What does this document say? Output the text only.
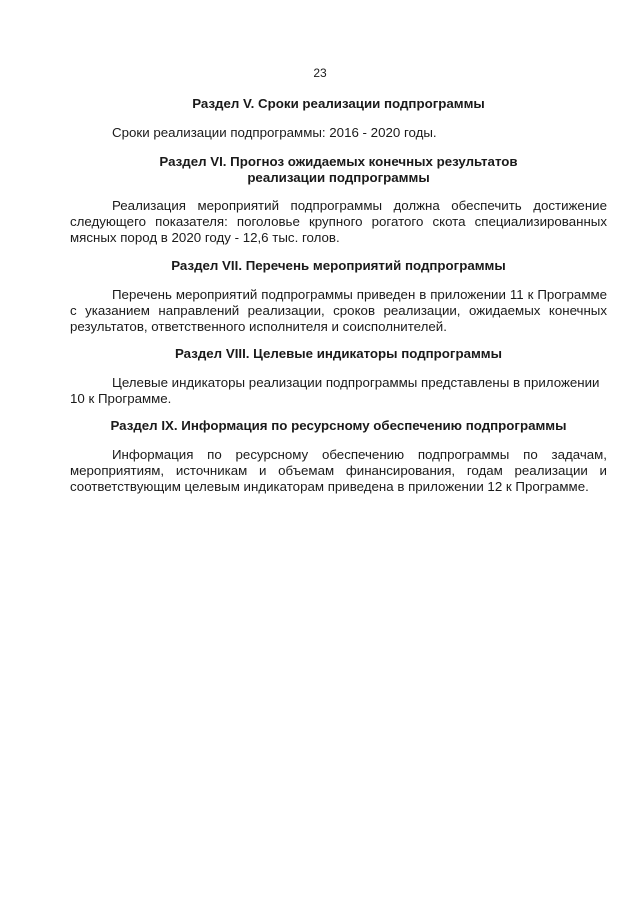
23
Раздел V. Сроки реализации подпрограммы
Сроки реализации подпрограммы: 2016 - 2020 годы.
Раздел VI. Прогноз ожидаемых конечных результатов
реализации подпрограммы
Реализация мероприятий подпрограммы должна обеспечить достижение следующего показателя: поголовье крупного рогатого скота специализированных мясных пород в 2020 году - 12,6 тыс. голов.
Раздел VII. Перечень мероприятий подпрограммы
Перечень мероприятий подпрограммы приведен в приложении 11 к Программе с указанием направлений реализации, сроков реализации, ожидаемых конечных результатов, ответственного исполнителя и соисполнителей.
Раздел VIII. Целевые индикаторы подпрограммы
Целевые индикаторы реализации подпрограммы представлены в приложении 10 к Программе.
Раздел IX. Информация по ресурсному обеспечению подпрограммы
Информация по ресурсному обеспечению подпрограммы по задачам, мероприятиям, источникам и объемам финансирования, годам реализации и соответствующим целевым индикаторам приведена в приложении 12 к Программе.
